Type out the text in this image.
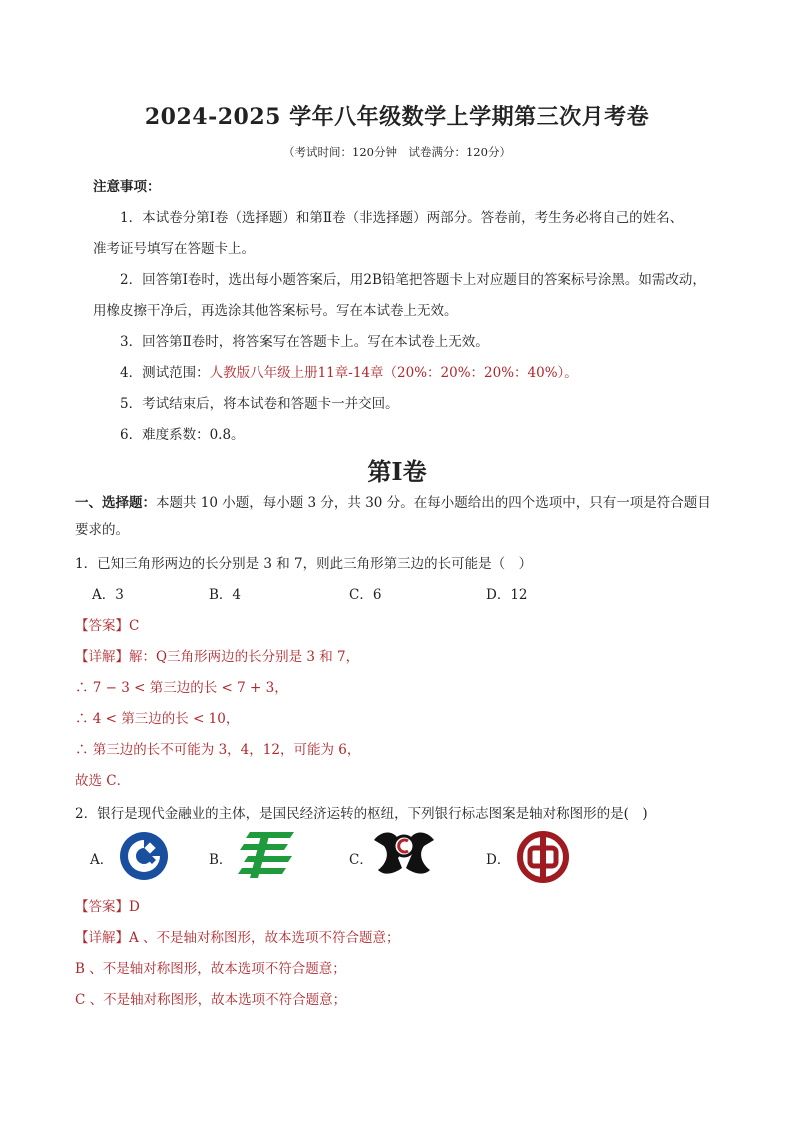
2024-2025 学年八年级数学上学期第三次月考卷
（考试时间：120分钟　试卷满分：120分）
注意事项：
1．本试卷分第Ⅰ卷（选择题）和第Ⅱ卷（非选择题）两部分。答卷前，考生务必将自己的姓名、
准考证号填写在答题卡上。
2．回答第Ⅰ卷时，选出每小题答案后，用2B铅笔把答题卡上对应题目的答案标号涂黑。如需改动，
用橡皮擦干净后，再选涂其他答案标号。写在本试卷上无效。
3．回答第Ⅱ卷时，将答案写在答题卡上。写在本试卷上无效。
4．测试范围：人教版八年级上册11章-14章（20%：20%：20%：40%）。
5．考试结束后，将本试卷和答题卡一并交回。
6．难度系数：0.8。
第Ⅰ卷
一、选择题：本题共 10 小题，每小题 3 分，共 30 分。在每小题给出的四个选项中，只有一项是符合题目
要求的。
1．已知三角形两边的长分别是 3 和 7，则此三角形第三边的长可能是（　）
A．3	B．4	C．6	D．12
【答案】C
【详解】解：Q三角形两边的长分别是 3 和 7，
∴ 7 − 3 < 第三边的长 < 7 + 3，
∴ 4 < 第三边的长 < 10，
∴ 第三边的长不可能为 3，4，12，可能为 6，
故选 C．
2．银行是现代金融业的主体，是国民经济运转的枢纽，下列银行标志图案是轴对称图形的是(　)
A．	B．	C．	D．
【答案】D
【详解】A 、不是轴对称图形，故本选项不符合题意；
B 、不是轴对称图形，故本选项不符合题意；
C 、不是轴对称图形，故本选项不符合题意；
